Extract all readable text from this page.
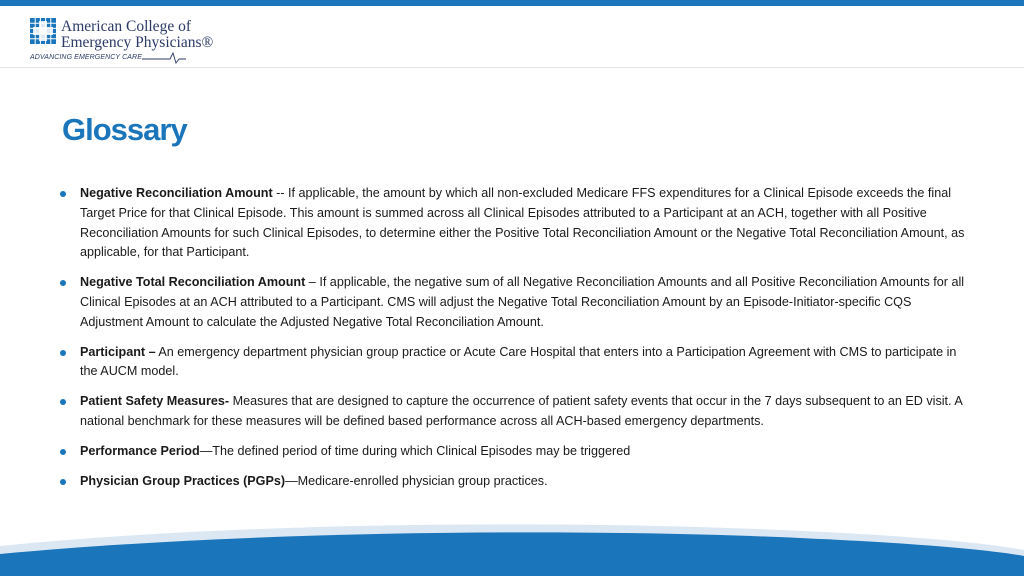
American College of
Emergency Physicians®
ADVANCING EMERGENCY CARE
Glossary
Negative Reconciliation Amount -- If applicable, the amount by which all non-excluded Medicare FFS expenditures for a Clinical Episode exceeds the final Target Price for that Clinical Episode. This amount is summed across all Clinical Episodes attributed to a Participant at an ACH, together with all Positive Reconciliation Amounts for such Clinical Episodes, to determine either the Positive Total Reconciliation Amount or the Negative Total Reconciliation Amount, as applicable, for that Participant.
Negative Total Reconciliation Amount – If applicable, the negative sum of all Negative Reconciliation Amounts and all Positive Reconciliation Amounts for all Clinical Episodes at an ACH attributed to a Participant. CMS will adjust the Negative Total Reconciliation Amount by an Episode-Initiator-specific CQS Adjustment Amount to calculate the Adjusted Negative Total Reconciliation Amount.
Participant – An emergency department physician group practice or Acute Care Hospital that enters into a Participation Agreement with CMS to participate in the AUCM model.
Patient Safety Measures- Measures that are designed to capture the occurrence of patient safety events that occur in the 7 days subsequent to an ED visit. A national benchmark for these measures will be defined based performance across all ACH-based emergency departments.
Performance Period—The defined period of time during which Clinical Episodes may be triggered
Physician Group Practices (PGPs)—Medicare-enrolled physician group practices.
